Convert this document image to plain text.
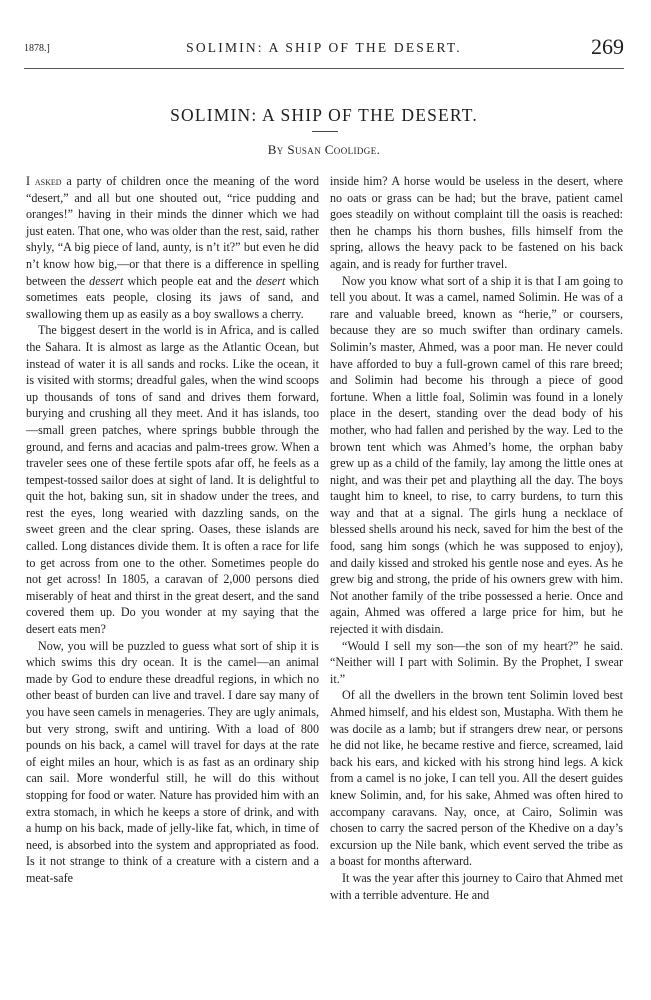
1878.]	SOLIMIN: A SHIP OF THE DESERT.	269
SOLIMIN: A SHIP OF THE DESERT.
By Susan Coolidge.

I asked a party of children once the meaning of the word “desert,” and all but one shouted out, “rice pudding and oranges!” having in their minds the dinner which we had just eaten. That one, who was older than the rest, said, rather shyly, “A big piece of land, aunty, is n’t it?” but even he did n’t know how big,—or that there is a difference in spelling between the dessert which people eat and the desert which sometimes eats people, closing its jaws of sand, and swallowing them up as easily as a boy swallows a cherry.

The biggest desert in the world is in Africa, and is called the Sahara. It is almost as large as the Atlantic Ocean, but instead of water it is all sands and rocks. Like the ocean, it is visited with storms; dreadful gales, when the wind scoops up thousands of tons of sand and drives them forward, burying and crushing all they meet. And it has islands, too—small green patches, where springs bubble through the ground, and ferns and acacias and palm-trees grow. When a traveler sees one of these fertile spots afar off, he feels as a tempest-tossed sailor does at sight of land. It is delightful to quit the hot, baking sun, sit in shadow under the trees, and rest the eyes, long wearied with dazzling sands, on the sweet green and the clear spring. Oases, these islands are called. Long distances divide them. It is often a race for life to get across from one to the other. Sometimes people do not get across! In 1805, a caravan of 2,000 persons died miserably of heat and thirst in the great desert, and the sand covered them up. Do you wonder at my saying that the desert eats men?

Now, you will be puzzled to guess what sort of ship it is which swims this dry ocean. It is the camel—an animal made by God to endure these dreadful regions, in which no other beast of burden can live and travel. I dare say many of you have seen camels in menageries. They are ugly animals, but very strong, swift and untiring. With a load of 800 pounds on his back, a camel will travel for days at the rate of eight miles an hour, which is as fast as an ordinary ship can sail. More wonderful still, he will do this without stopping for food or water. Nature has provided him with an extra stomach, in which he keeps a store of drink, and with a hump on his back, made of jelly-like fat, which, in time of need, is absorbed into the system and appropriated as food. Is it not strange to think of a creature with a cistern and a meat-safe

inside him? A horse would be useless in the desert, where no oats or grass can be had; but the brave, patient camel goes steadily on without complaint till the oasis is reached: then he champs his thorn bushes, fills himself from the spring, allows the heavy pack to be fastened on his back again, and is ready for further travel.

Now you know what sort of a ship it is that I am going to tell you about. It was a camel, named Solimin. He was of a rare and valuable breed, known as “herie,” or coursers, because they are so much swifter than ordinary camels. Solimin’s master, Ahmed, was a poor man. He never could have afforded to buy a full-grown camel of this rare breed; and Solimin had become his through a piece of good fortune. When a little foal, Solimin was found in a lonely place in the desert, standing over the dead body of his mother, who had fallen and perished by the way. Led to the brown tent which was Ahmed’s home, the orphan baby grew up as a child of the family, lay among the little ones at night, and was their pet and plaything all the day. The boys taught him to kneel, to rise, to carry burdens, to turn this way and that at a signal. The girls hung a necklace of blessed shells around his neck, saved for him the best of the food, sang him songs (which he was supposed to enjoy), and daily kissed and stroked his gentle nose and eyes. As he grew big and strong, the pride of his owners grew with him. Not another family of the tribe possessed a herie. Once and again, Ahmed was offered a large price for him, but he rejected it with disdain.

“Would I sell my son—the son of my heart?” he said. “Neither will I part with Solimin. By the Prophet, I swear it.”

Of all the dwellers in the brown tent Solimin loved best Ahmed himself, and his eldest son, Mustapha. With them he was docile as a lamb; but if strangers drew near, or persons he did not like, he became restive and fierce, screamed, laid back his ears, and kicked with his strong hind legs. A kick from a camel is no joke, I can tell you. All the desert guides knew Solimin, and, for his sake, Ahmed was often hired to accompany caravans. Nay, once, at Cairo, Solimin was chosen to carry the sacred person of the Khedive on a day’s excursion up the Nile bank, which event served the tribe as a boast for months afterward.

It was the year after this journey to Cairo that Ahmed met with a terrible adventure. He and
